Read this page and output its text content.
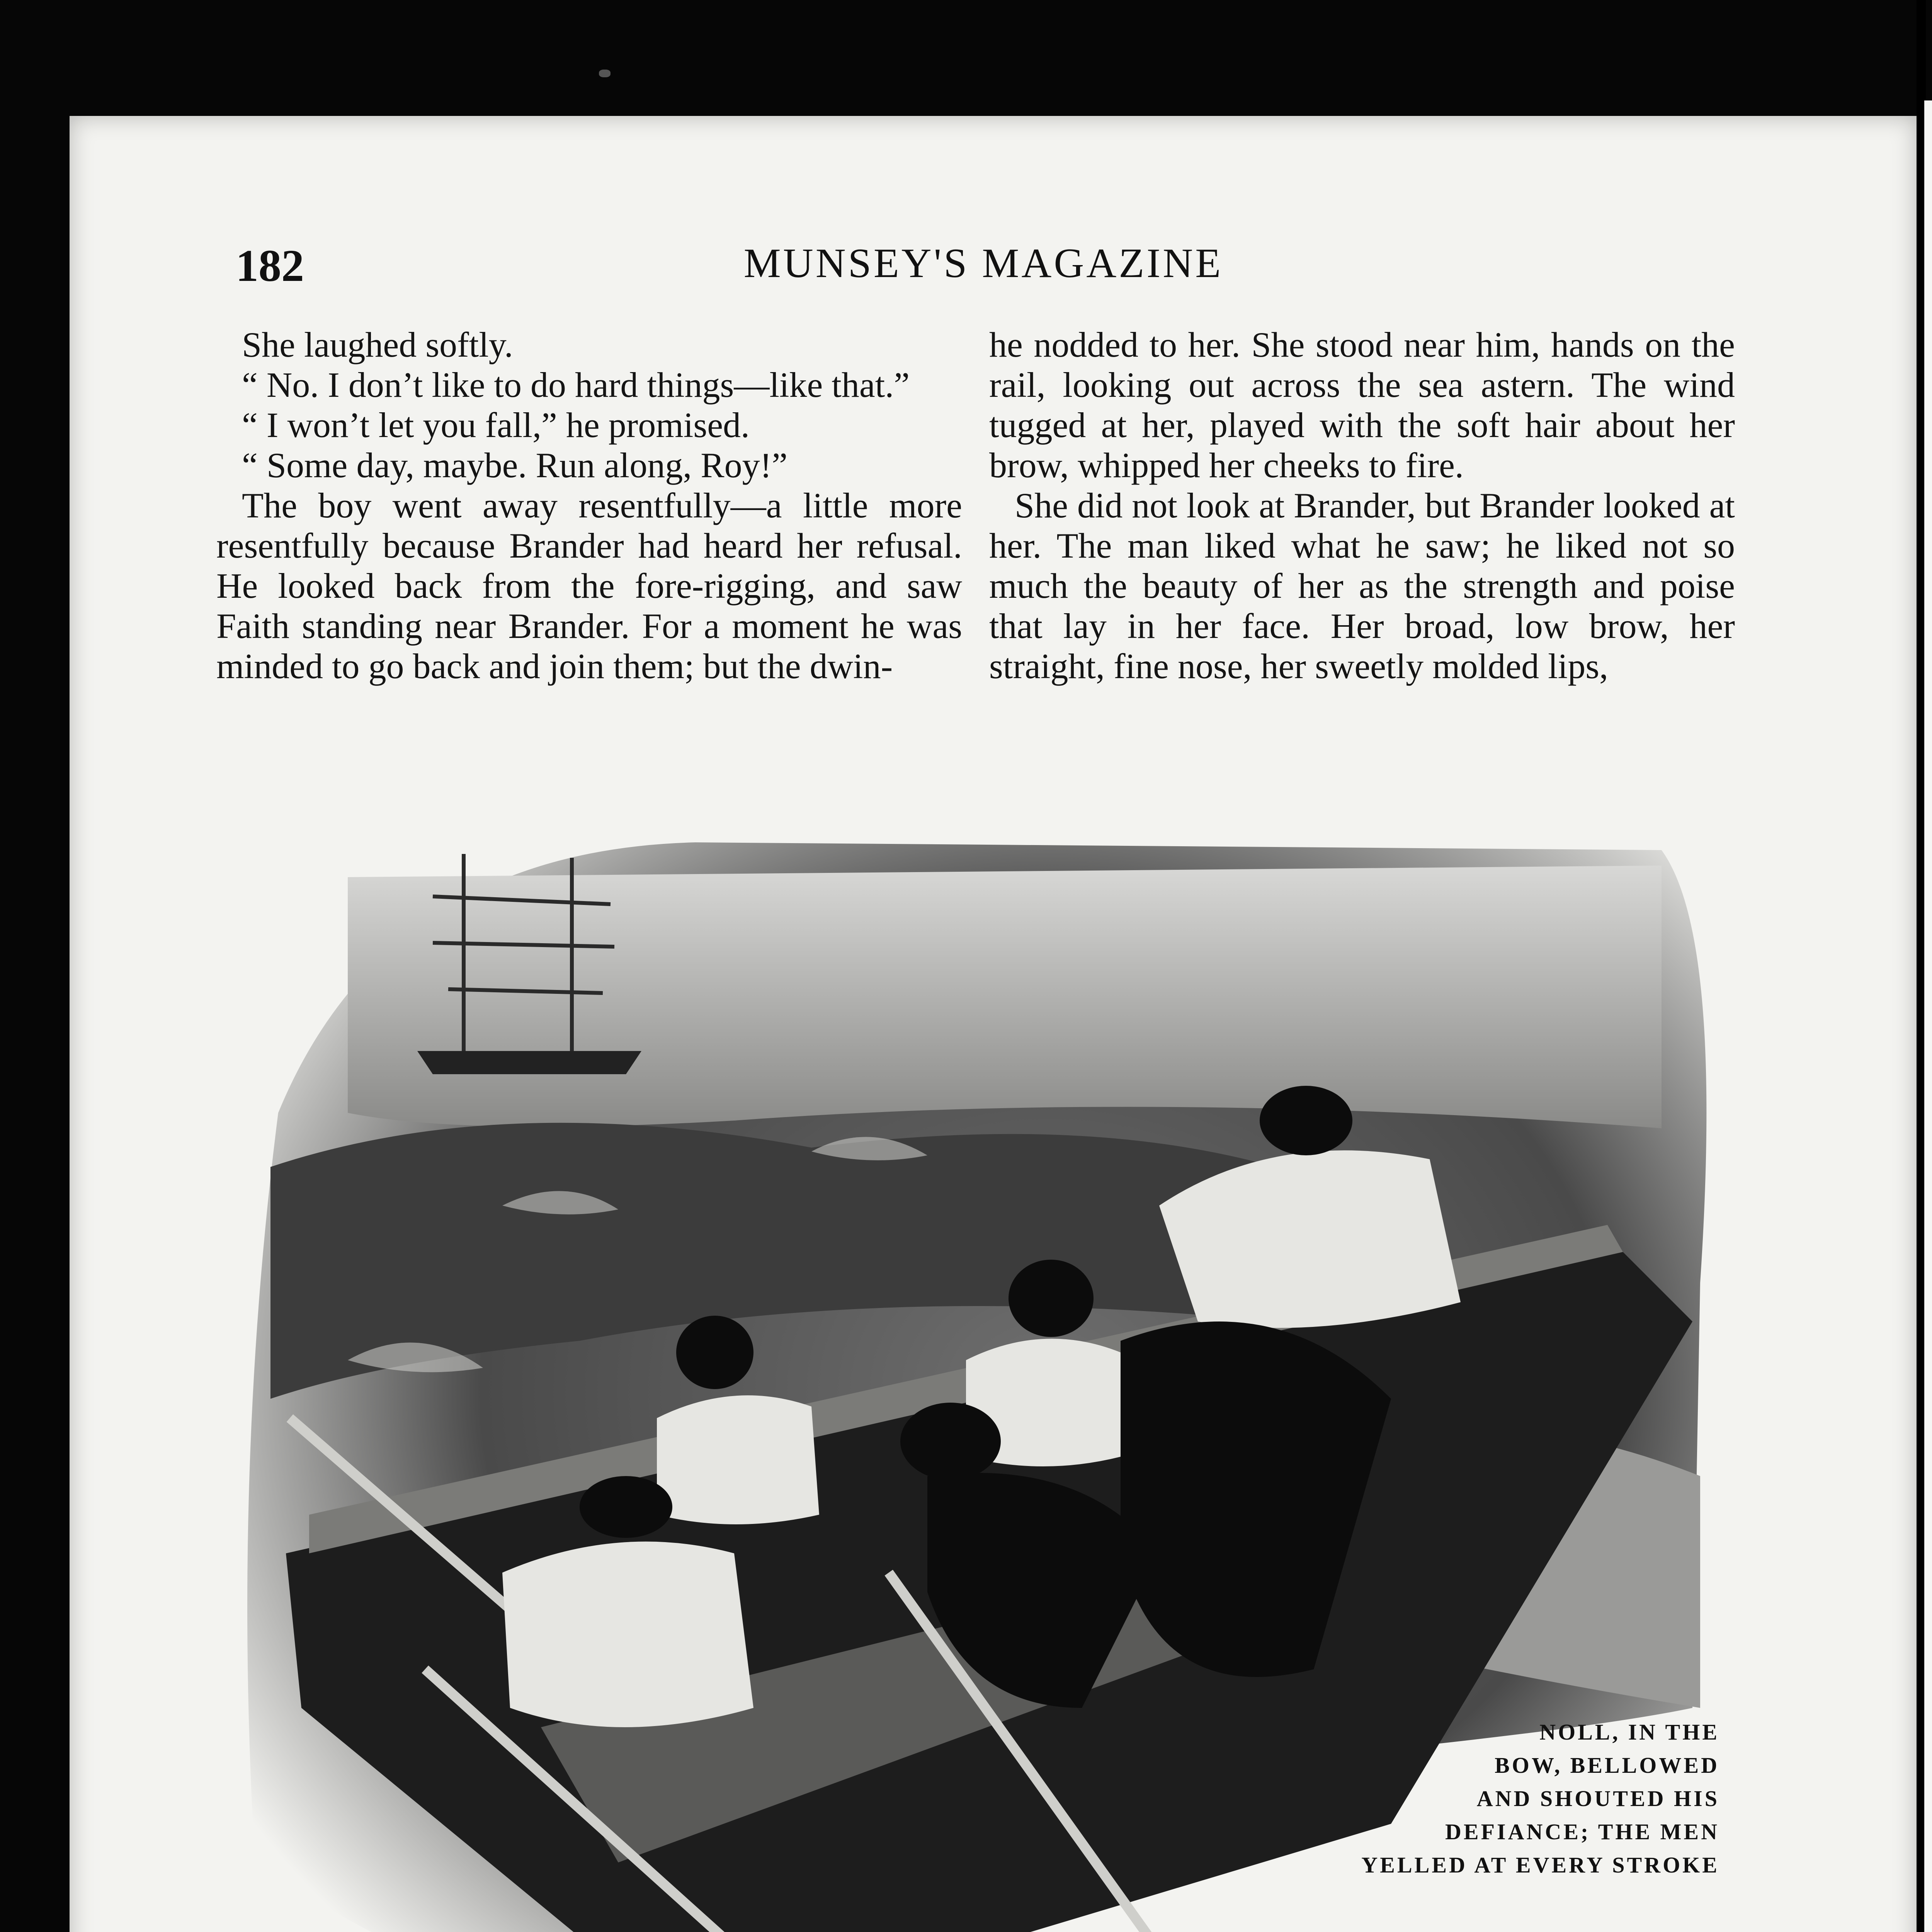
182	MUNSEY'S MAGAZINE

She laughed softly.

“ No. I don’t like to do hard things—like that.”

“ I won’t let you fall,” he promised.

“ Some day, maybe. Run along, Roy!”

The boy went away resentfully—a little more resentfully because Brander had heard her refusal. He looked back from the fore-rigging, and saw Faith standing near Brander. For a moment he was minded to go back and join them; but the dwin-

he nodded to her. She stood near him, hands on the rail, looking out across the sea astern. The wind tugged at her, played with the soft hair about her brow, whipped her cheeks to fire.

She did not look at Brander, but Brander looked at her. The man liked what he saw; he liked not so much the beauty of her as the strength and poise that lay in her face. Her broad, low brow, her straight, fine nose, her sweetly molded lips,

NOLL, IN THE
BOW, BELLOWED
AND SHOUTED HIS
DEFIANCE; THE MEN
YELLED AT EVERY STROKE
